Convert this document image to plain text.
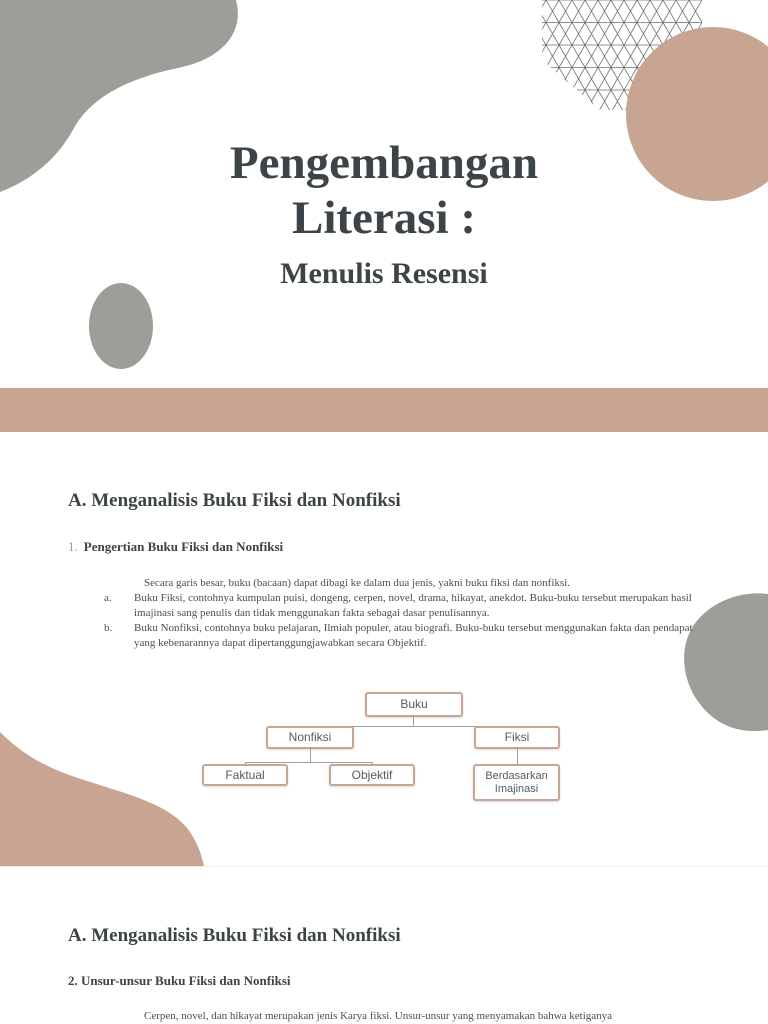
Pengembangan
Literasi :
Menulis Resensi
A. Menganalisis Buku Fiksi dan Nonfiksi
1. Pengertian Buku Fiksi dan Nonfiksi

Secara garis besar, buku (bacaan) dapat dibagi ke dalam dua jenis, yakni buku fiksi dan nonfiksi.

a.	Buku Fiksi, contohnya kumpulan puisi, dongeng, cerpen, novel, drama, hikayat, anekdot. Buku-buku tersebut merupakan hasil imajinasi sang penulis dan tidak menggunakan fakta sebagai dasar penulisannya.
b.	Buku Nonfiksi, contohnya buku pelajaran, Ilmiah populer, atau biografi. Buku-buku tersebut menggunakan fakta dan pendapat yang kebenarannya dapat dipertanggungjawabkan secara Objektif.
Buku
Nonfiksi	Fiksi
Faktual	Objektif	Berdasarkan Imajinasi
A. Menganalisis Buku Fiksi dan Nonfiksi
2. Unsur-unsur Buku Fiksi dan Nonfiksi
Cerpen, novel, dan hikayat merupakan jenis Karya fiksi. Unsur-unsur yang menyamakan bahwa ketiganya
